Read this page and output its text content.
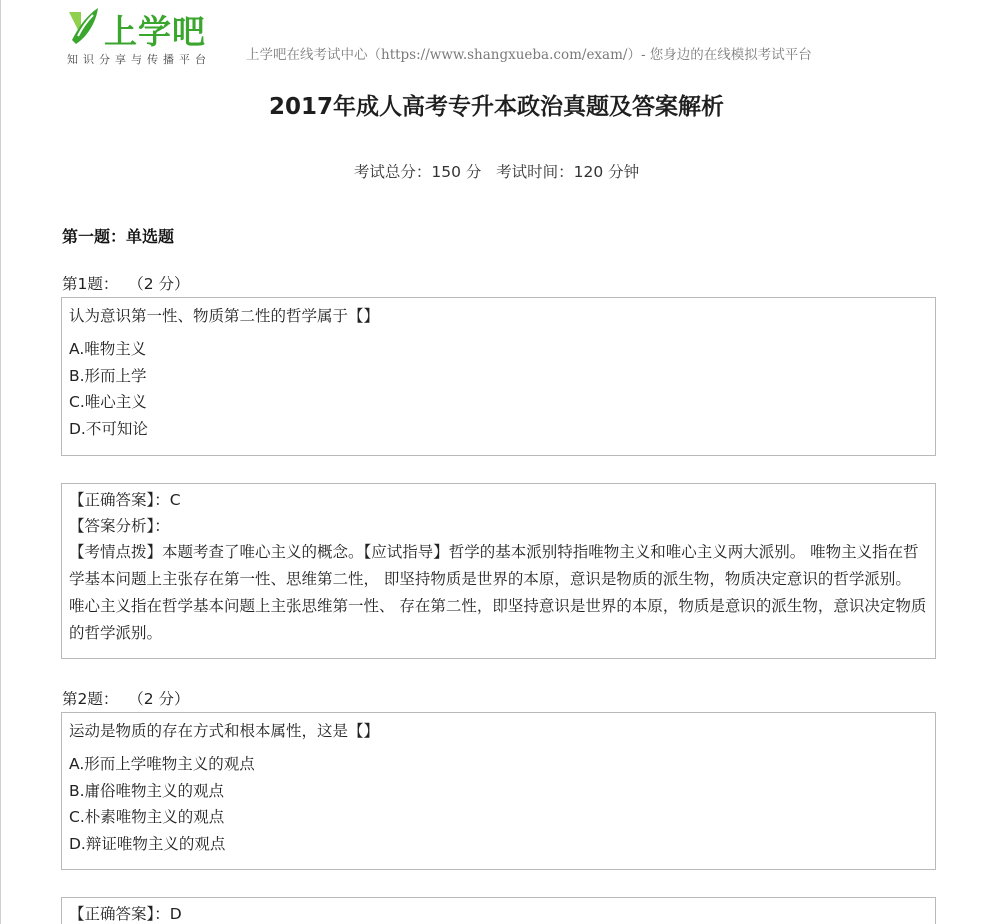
上学吧
知识分享与传播平台	上学吧在线考试中心（https://www.shangxueba.com/exam/）- 您身边的在线模拟考试平台
2017年成人高考专升本政治真题及答案解析
考试总分：150 分   考试时间：120 分钟
第一题：单选题
第1题：  （2 分）
认为意识第一性、物质第二性的哲学属于【】
A.唯物主义
B.形而上学
C.唯心主义
D.不可知论
【正确答案】：C
【答案分析】：
【考情点拨】本题考查了唯心主义的概念。【应试指导】哲学的基本派别特指唯物主义和唯心主义两大派别。 唯物主义指在哲学基本问题上主张存在第一性、思维第二性， 即坚持物质是世界的本原，意识是物质的派生物，物质决定意识的哲学派别。 唯心主义指在哲学基本问题上主张思维第一性、 存在第二性，即坚持意识是世界的本原，物质是意识的派生物，意识决定物质的哲学派别。
第2题：  （2 分）
运动是物质的存在方式和根本属性，这是【】
A.形而上学唯物主义的观点
B.庸俗唯物主义的观点
C.朴素唯物主义的观点
D.辩证唯物主义的观点
【正确答案】：D
